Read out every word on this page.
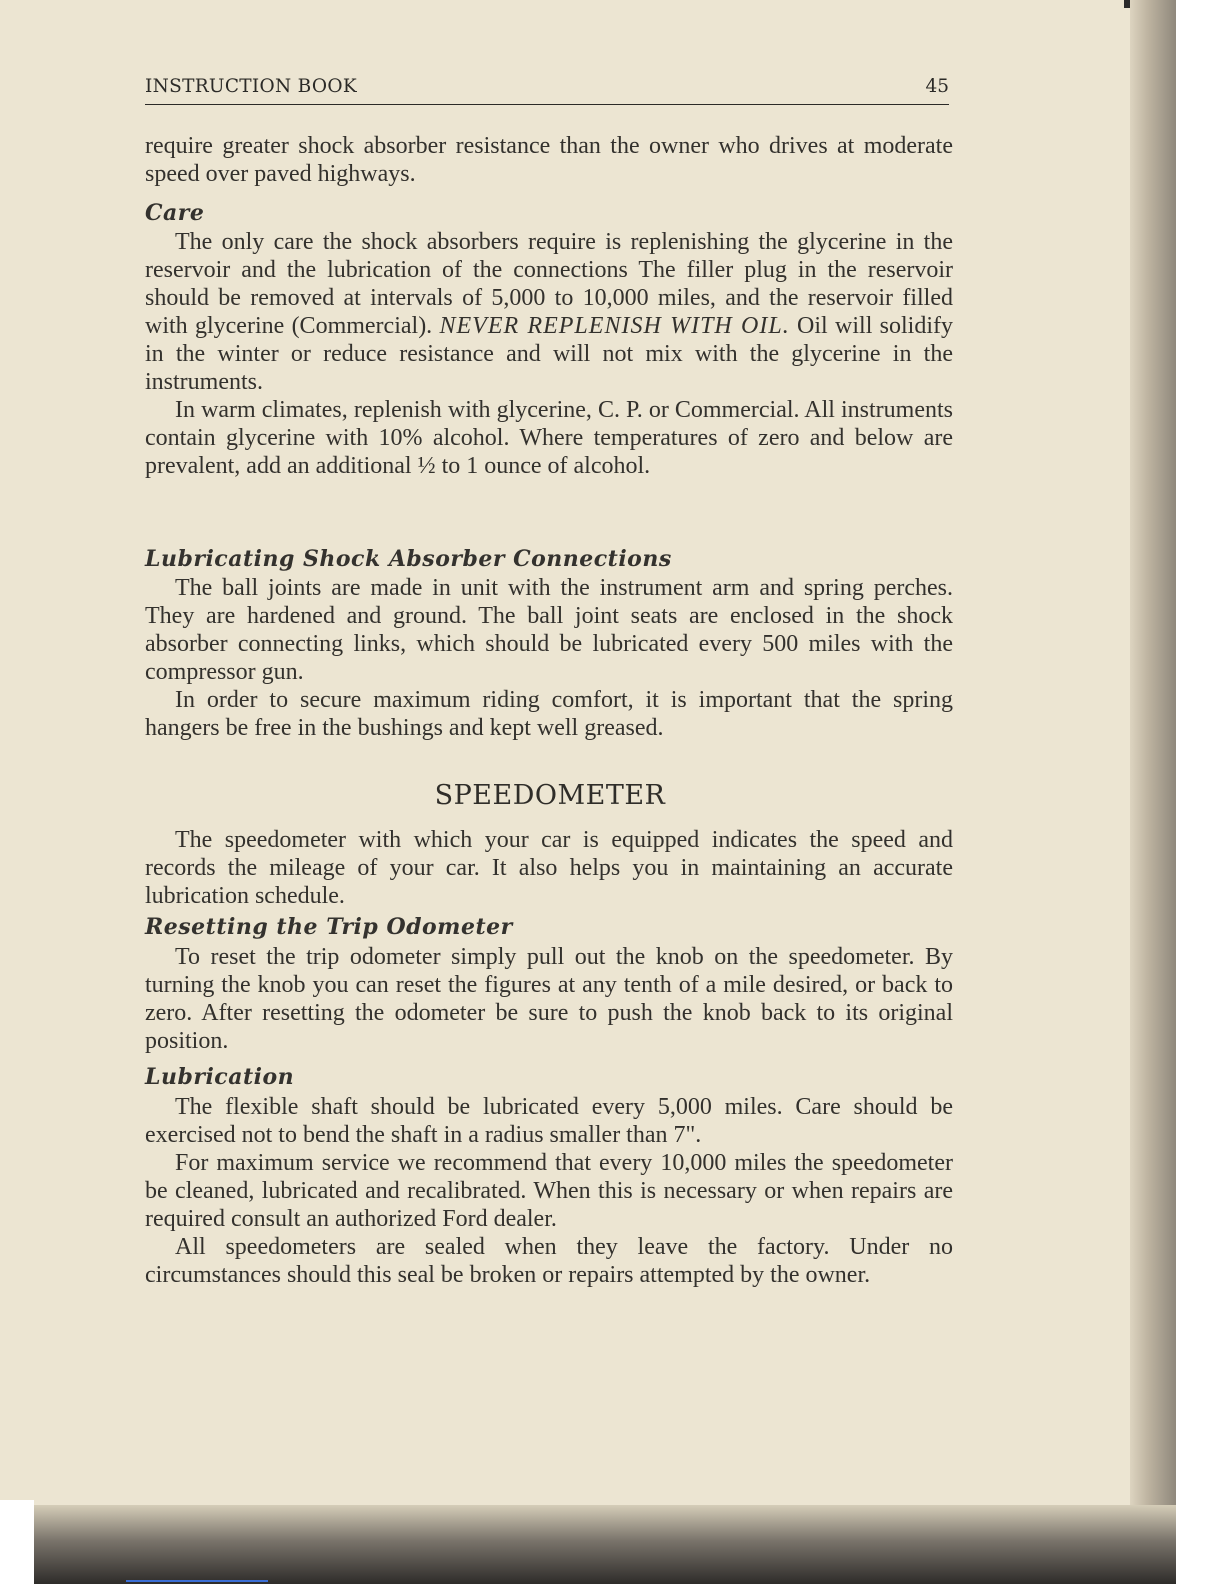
INSTRUCTION BOOK	45

require greater shock absorber resistance than the owner who drives at moderate speed over paved highways.

Care

The only care the shock absorbers require is replenishing the glycerine in the reservoir and the lubrication of the connections The filler plug in the reservoir should be removed at intervals of 5,000 to 10,000 miles, and the reservoir filled with glycerine (Commercial). NEVER REPLENISH WITH OIL. Oil will solidify in the winter or reduce resistance and will not mix with the glycerine in the instruments.

In warm climates, replenish with glycerine, C. P. or Commercial. All instruments contain glycerine with 10% alcohol. Where temperatures of zero and below are prevalent, add an additional ½ to 1 ounce of alcohol.

Lubricating Shock Absorber Connections

The ball joints are made in unit with the instrument arm and spring perches. They are hardened and ground. The ball joint seats are enclosed in the shock absorber connecting links, which should be lubricated every 500 miles with the compressor gun.

In order to secure maximum riding comfort, it is important that the spring hangers be free in the bushings and kept well greased.

SPEEDOMETER

The speedometer with which your car is equipped indicates the speed and records the mileage of your car. It also helps you in maintaining an accurate lubrication schedule.

Resetting the Trip Odometer

To reset the trip odometer simply pull out the knob on the speedometer. By turning the knob you can reset the figures at any tenth of a mile desired, or back to zero. After resetting the odometer be sure to push the knob back to its original position.

Lubrication

The flexible shaft should be lubricated every 5,000 miles. Care should be exercised not to bend the shaft in a radius smaller than 7".

For maximum service we recommend that every 10,000 miles the speedometer be cleaned, lubricated and recalibrated. When this is necessary or when repairs are required consult an authorized Ford dealer.

All speedometers are sealed when they leave the factory. Under no circumstances should this seal be broken or repairs attempted by the owner.
